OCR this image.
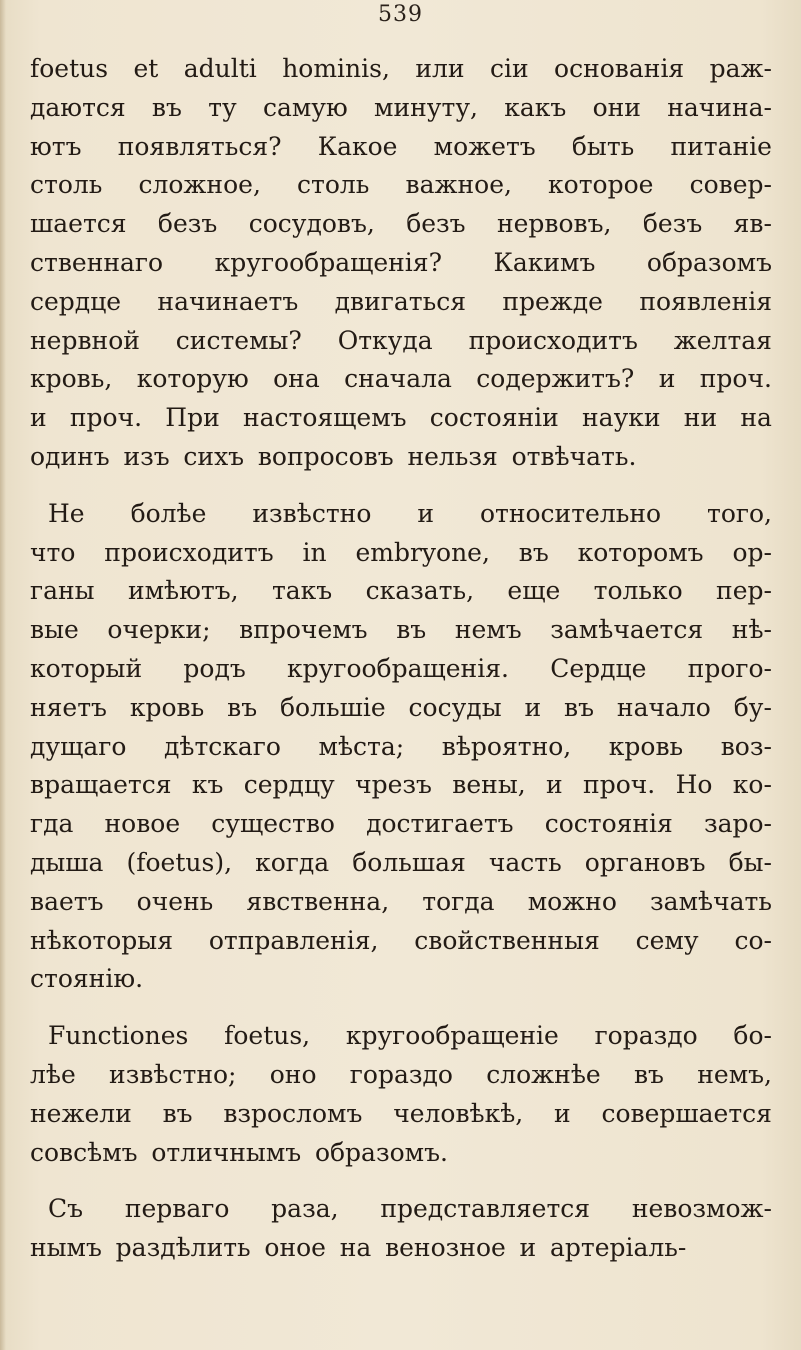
539
foetus et adulti hominis, или сіи основанія раж-
даются въ ту самую минуту, какъ они начина-
ютъ появляться? Какое можетъ быть питаніе
столь сложное, столь важное, которое совер-
шается безъ сосудовъ, безъ нервовъ, безъ яв-
ственнаго кругообращенія? Какимъ образомъ
сердце начинаетъ двигаться прежде появленія
нервной системы? Откуда происходитъ желтая
кровь, которую она сначала содержитъ? и проч.
и проч. При настоящемъ состояніи науки ни на
одинъ изъ сихъ вопросовъ нельзя отвѣчать.
Не болѣе извѣстно и относительно того,
что происходитъ in embryone, въ которомъ ор-
ганы имѣютъ, такъ сказать, еще только пер-
вые очерки; впрочемъ въ немъ замѣчается нѣ-
который родъ кругообращенія. Сердце прого-
няетъ кровь въ большіе сосуды и въ начало бу-
дущаго дѣтскаго мѣста; вѣроятно, кровь воз-
вращается къ сердцу чрезъ вены, и проч. Но ко-
гда новое существо достигаетъ состоянія заро-
дыша (foetus), когда большая часть органовъ бы-
ваетъ очень явственна, тогда можно замѣчать
нѣкоторыя отправленія, свойственныя сему со-
стоянію.
Functiones foetus, кругообращеніе гораздо бо-
лѣе извѣстно; оно гораздо сложнѣе въ немъ,
нежели въ взросломъ человѣкѣ, и совершается
совсѣмъ отличнымъ образомъ.
Съ перваго раза, представляется невозмож-
нымъ раздѣлить оное на венозное и артеріаль-
